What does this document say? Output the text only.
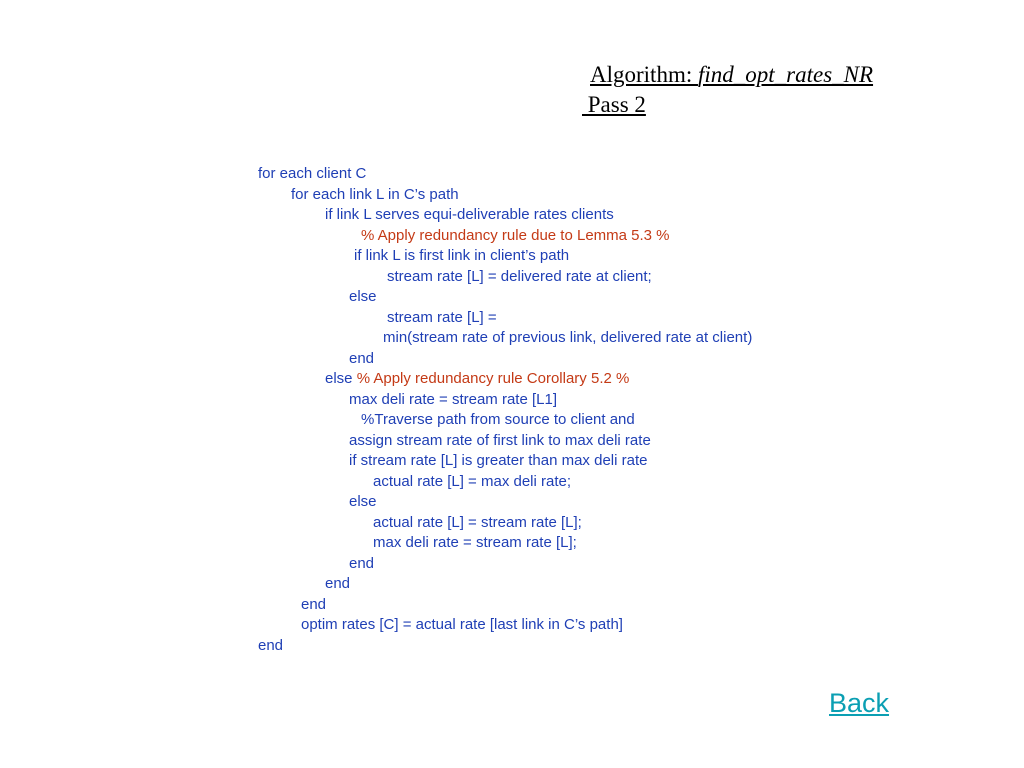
Algorithm: find_opt_rates_NR
Pass 2
for each client C
for each link L in C’s path
if link L serves equi-deliverable rates clients
% Apply redundancy rule due to Lemma 5.3 %
if link L is first link in client’s path
stream rate [L] = delivered rate at client;
else
stream rate [L] =
min(stream rate of previous link, delivered rate at client)
end
else % Apply redundancy rule Corollary 5.2 %
max deli rate = stream rate [L1]
%Traverse path from source to client and
assign stream rate of first link to max deli rate
if stream rate [L] is greater than max deli rate
actual rate [L] = max deli rate;
else
actual rate [L] = stream rate [L];
max deli rate = stream rate [L];
end
end
end
optim rates [C] = actual rate [last link in C’s path]
end
Back
